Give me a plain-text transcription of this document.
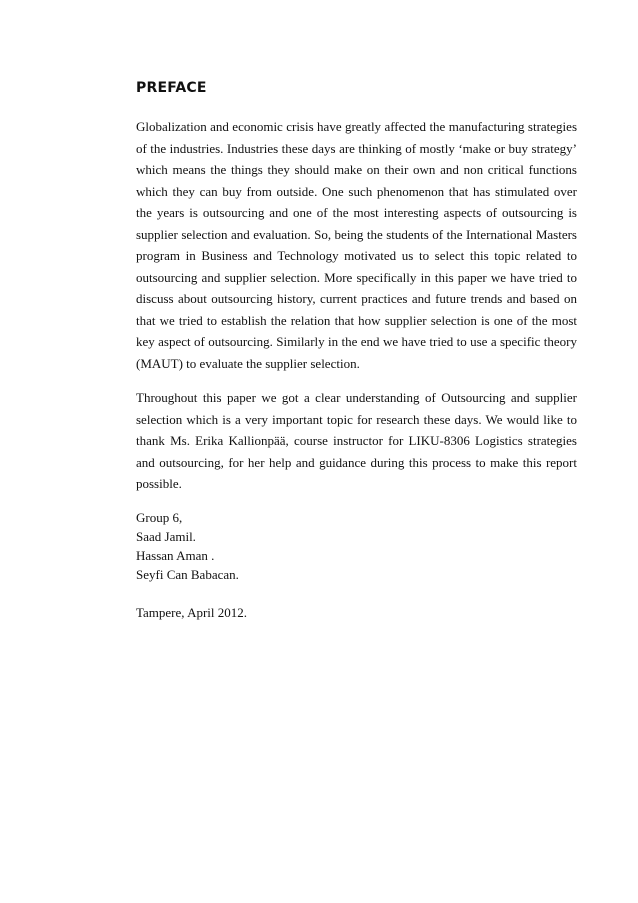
PREFACE

Globalization and economic crisis have greatly affected the manufacturing strategies of the industries. Industries these days are thinking of mostly ‘make or buy strategy’ which means the things they should make on their own and non critical functions which they can buy from outside. One such phenomenon that has stimulated over the years is outsourcing and one of the most interesting aspects of outsourcing is supplier selection and evaluation. So, being the students of the International Masters program in Business and Technology motivated us to select this topic related to outsourcing and supplier selection. More specifically in this paper we have tried to discuss about outsourcing history, current practices and future trends and based on that we tried to establish the relation that how supplier selection is one of the most key aspect of outsourcing. Similarly in the end we have tried to use a specific theory (MAUT) to evaluate the supplier selection.

Throughout this paper we got a clear understanding of Outsourcing and supplier selection which is a very important topic for research these days. We would like to thank Ms. Erika Kallionpää, course instructor for LIKU-8306 Logistics strategies and outsourcing, for her help and guidance during this process to make this report possible.

Group 6,

Saad Jamil.

Hassan Aman .

Seyfi Can Babacan.

Tampere, April 2012.
